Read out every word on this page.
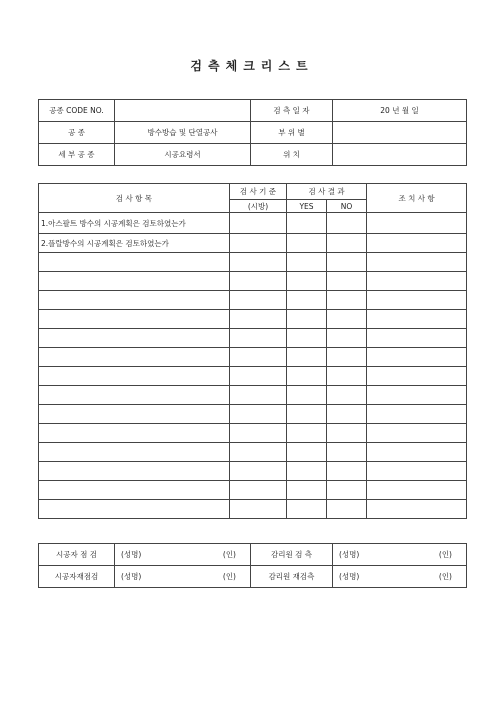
검측체크리스트
공종 CODE NO.		검 측 일 자	20 년 월 일
공 종	방수방습 및 단열공사	부 위 별	
세 부 공 종	시공요령서	위 치	
검 사 항 목	검 사 기 준	검 사 결 과		조 치 사 항
	(시방)	YES	NO	
1.아스팔트 방수의 시공계획은 검토하였는가				
2.플랄방수의 시공계획은 검토하였는가				

시공자 점 검	(성명) (인)	감리원 검 측	(성명) (인)

시공자재점검	(성명) (인)	감리원 재검측	(성명) (인)
